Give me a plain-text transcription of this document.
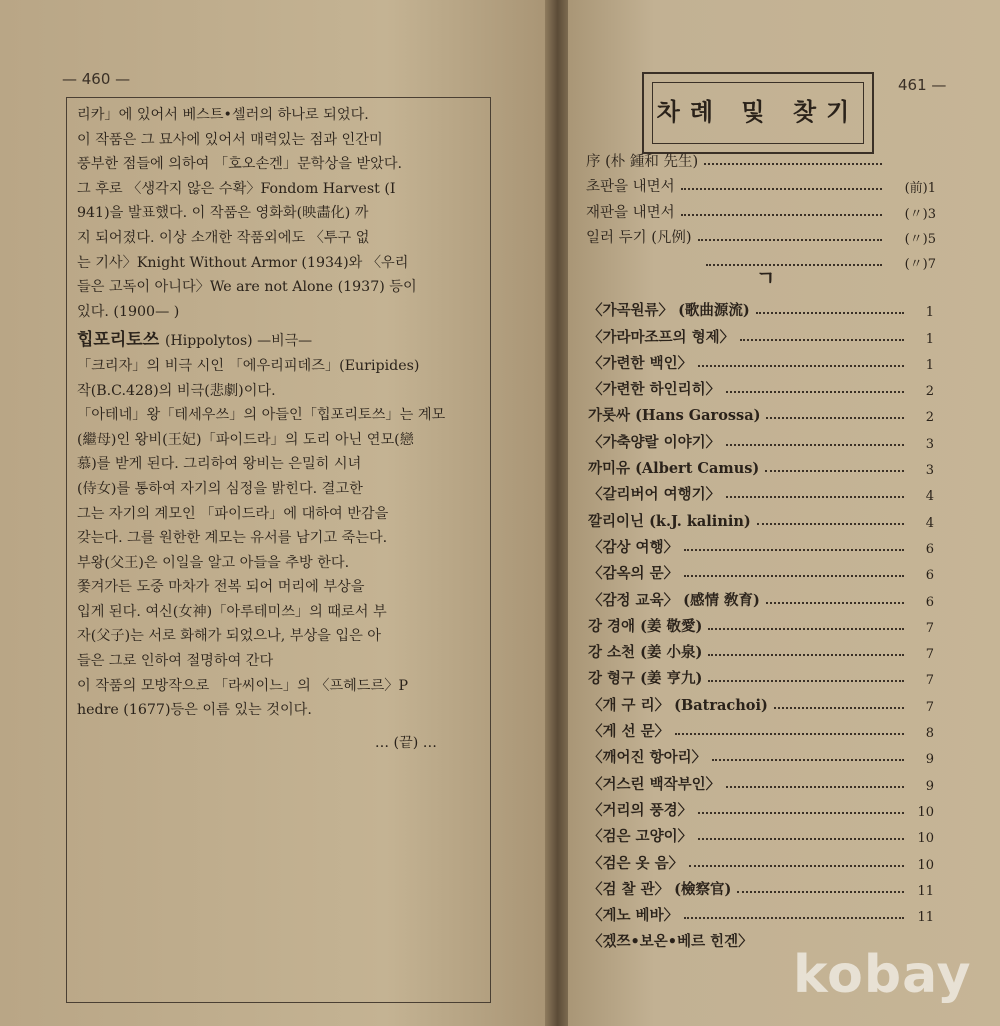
— 460 —

리카」에 있어서 베스트•셀러의 하나로 되었다.

이 작품은 그 묘사에 있어서 매력있는 점과 인간미

풍부한 점들에 의하여 「호오손겐」문학상을 받았다.

그 후로 〈생각지 않은 수확〉Fondom Harvest (I

941)을 발표했다. 이 작품은 영화화(映畵化) 까

지 되어졌다. 이상 소개한 작품외에도 〈투구 없

는 기사〉Knight Without Armor (1934)와 〈우리

들은 고독이 아니다〉We are not Alone (1937) 등이

있다. (1900— )

힙포리토쓰 (Hippolytos) —비극—

「크리자」의 비극 시인 「에우리피데즈」(Euripides)

작(B.C.428)의 비극(悲劇)이다.

「아테네」왕「테세우쓰」의 아들인「힙포리토쓰」는 계모

(繼母)인 왕비(王妃)「파이드라」의 도리 아닌 연모(戀

慕)를 받게 된다. 그리하여 왕비는 은밀히 시녀

(侍女)를 통하여 자기의 심정을 밝힌다. 결고한

그는 자기의 계모인 「파이드라」에 대하여 반감을

갖는다. 그를 원한한 계모는 유서를 남기고 죽는다.

부왕(父王)은 이일을 알고 아들을 추방 한다.

쫓겨가든 도중 마차가 전복 되어 머리에 부상을

입게 된다. 여신(女神)「아루테미쓰」의 때로서 부

자(父子)는 서로 화해가 되었으나, 부상을 입은 아

들은 그로 인하여 절명하여 간다

이 작품의 모방작으로 「라씨이느」의 〈프헤드르〉P

hedre (1677)등은 이름 있는 것이다.

… (끝) …

461 —
차례 및 찾기
序 (朴 鍾和 先生)
초판을 내면서	(前)1
재판을 내면서	(〃)3
일러 두기 (凡例)	(〃)5
(〃)7
ㄱ
〈가곡원류〉 (歌曲源流)	1
〈가라마조프의 형제〉	1
〈가련한 백인〉	1
〈가련한 하인리히〉	2
가롯싸 (Hans Garossa)	2
〈가축양랄 이야기〉	3
까미유 (Albert Camus)	3
〈갈리버어 여행기〉	4
깔리이닌 (k.J. kalinin)	4
〈감상 여행〉	6
〈감옥의 문〉	6
〈감정 교육〉 (感情 敎育)	6
강 경애 (姜 敬愛)	7
강 소천 (姜 小泉)	7
강 형구 (姜 亨九)	7
〈개 구 리〉 (Batrachoi)	7
〈게 선 문〉	8
〈깨어진 항아리〉	9
〈거스린 백작부인〉	9
〈거리의 풍경〉	10
〈검은 고양이〉	10
〈검은 옷 음〉	10
〈검 찰 관〉 (檢察官)	11
〈게노 베바〉	11
〈겠쯔•보온•베르 힌겐〉
kobay
